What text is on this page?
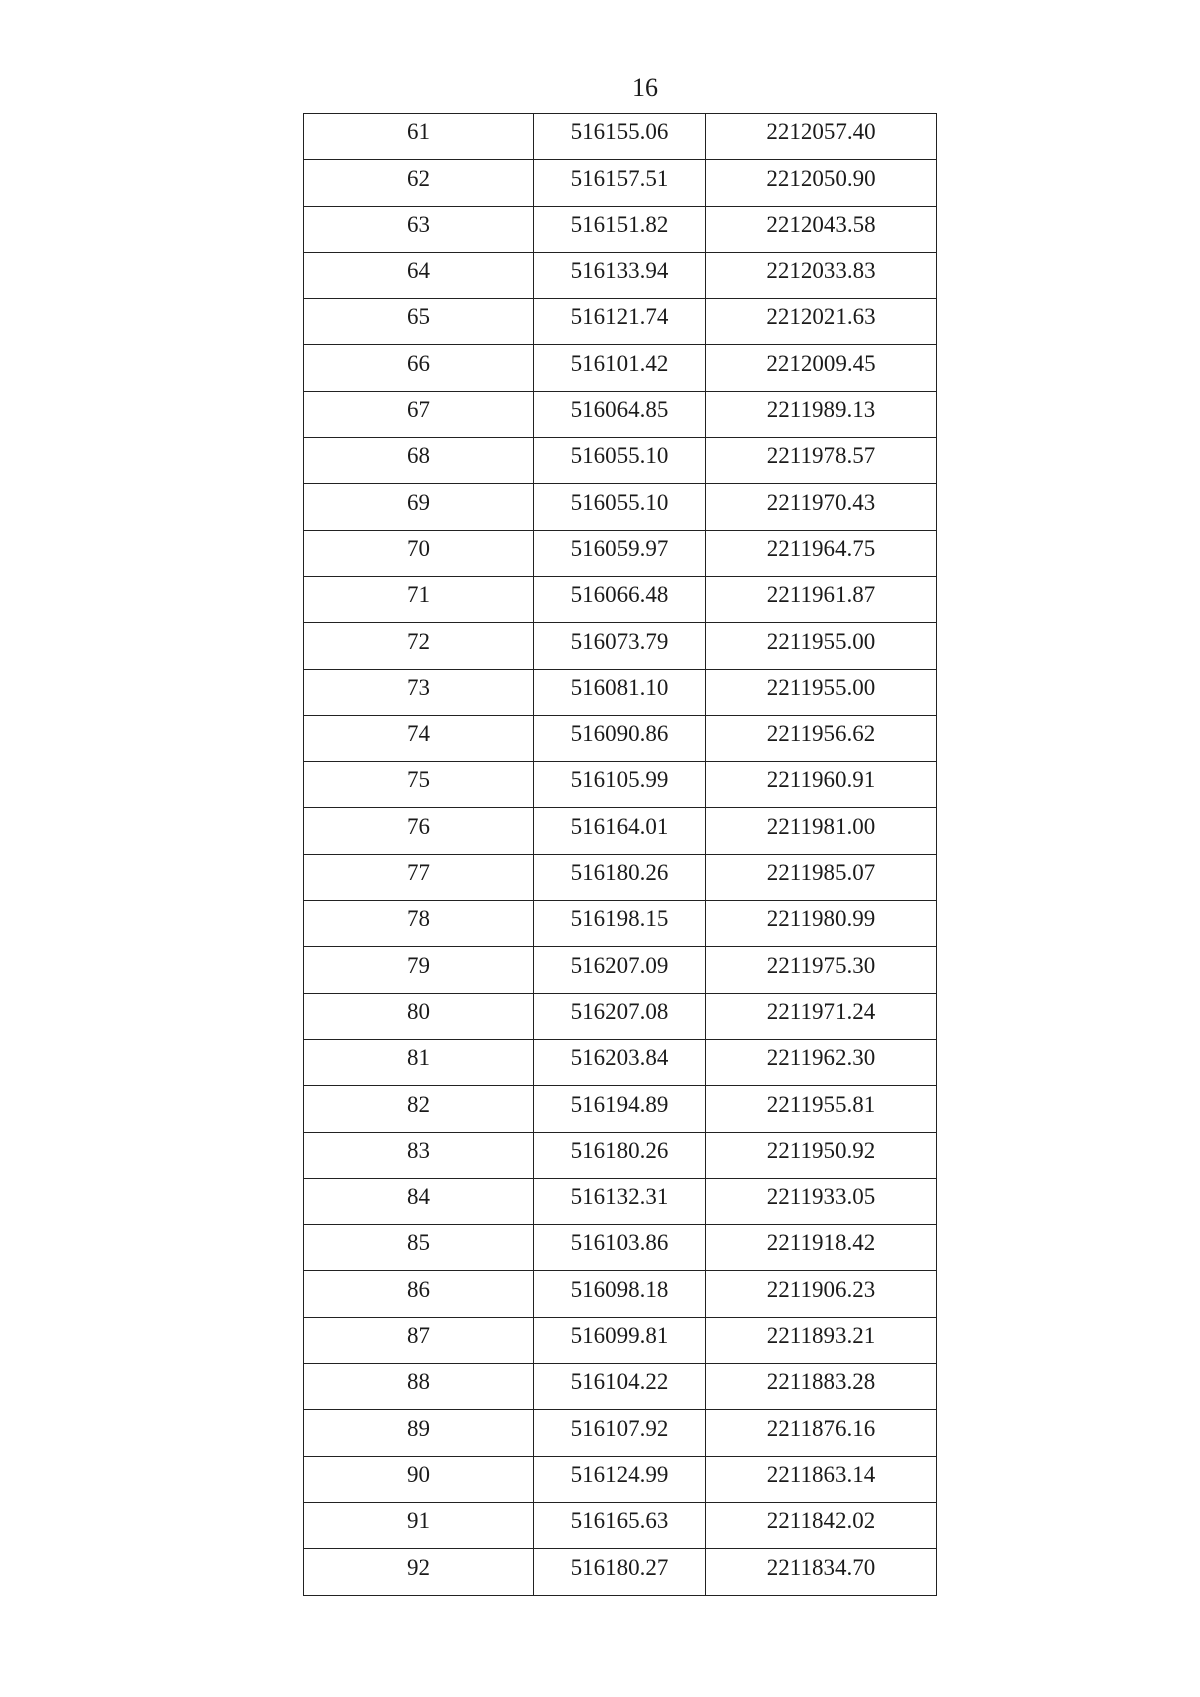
16
61	516155.06	2212057.40
62	516157.51	2212050.90
63	516151.82	2212043.58
64	516133.94	2212033.83
65	516121.74	2212021.63
66	516101.42	2212009.45
67	516064.85	2211989.13
68	516055.10	2211978.57
69	516055.10	2211970.43
70	516059.97	2211964.75
71	516066.48	2211961.87
72	516073.79	2211955.00
73	516081.10	2211955.00
74	516090.86	2211956.62
75	516105.99	2211960.91
76	516164.01	2211981.00
77	516180.26	2211985.07
78	516198.15	2211980.99
79	516207.09	2211975.30
80	516207.08	2211971.24
81	516203.84	2211962.30
82	516194.89	2211955.81
83	516180.26	2211950.92
84	516132.31	2211933.05
85	516103.86	2211918.42
86	516098.18	2211906.23
87	516099.81	2211893.21
88	516104.22	2211883.28
89	516107.92	2211876.16
90	516124.99	2211863.14
91	516165.63	2211842.02
92	516180.27	2211834.70
